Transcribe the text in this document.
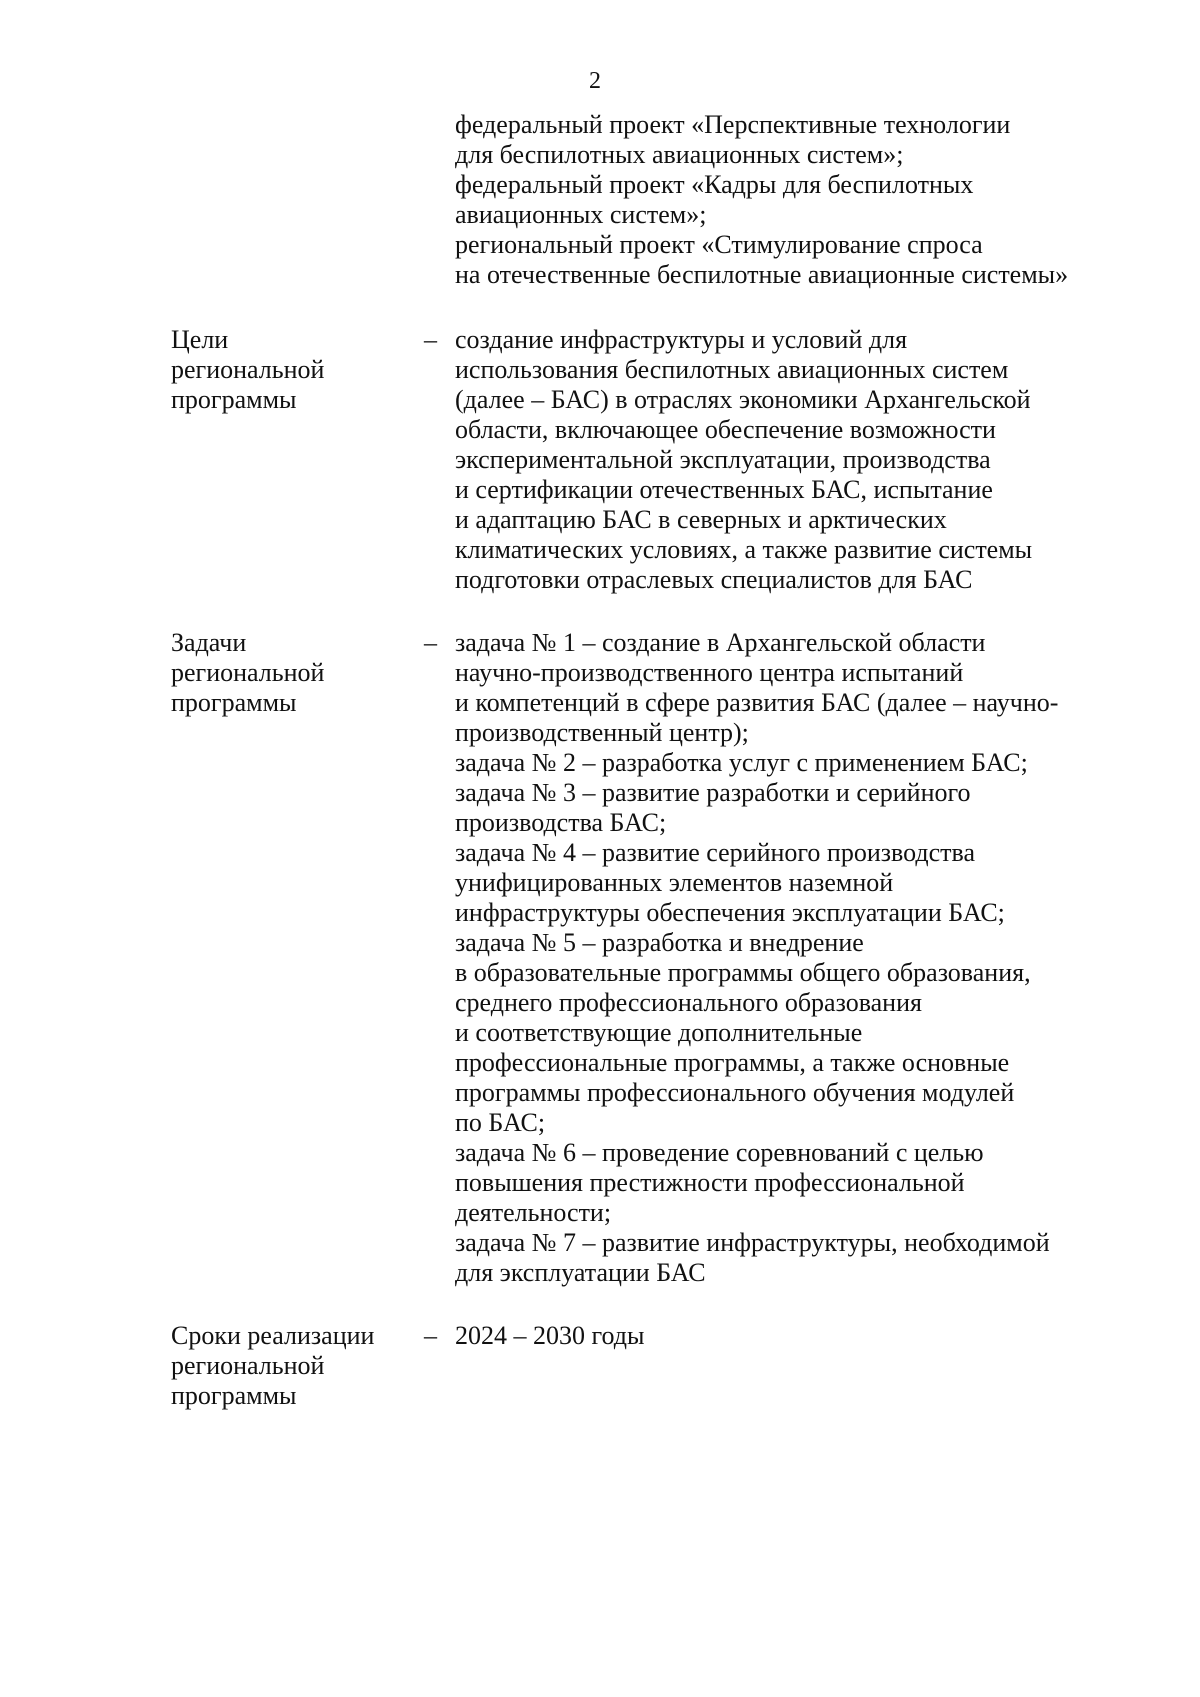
2
федеральный проект «Перспективные технологии
для беспилотных авиационных систем»;
федеральный проект «Кадры для беспилотных
авиационных систем»;
региональный проект «Стимулирование спроса
на отечественные беспилотные авиационные системы»
Цели
региональной
программы
– создание инфраструктуры и условий для
использования беспилотных авиационных систем
(далее – БАС) в отраслях экономики Архангельской
области, включающее обеспечение возможности
экспериментальной эксплуатации, производства
и сертификации отечественных БАС, испытание
и адаптацию БАС в северных и арктических
климатических условиях, а также развитие системы
подготовки отраслевых специалистов для БАС
Задачи
региональной
программы
– задача № 1 – создание в Архангельской области
научно-производственного центра испытаний
и компетенций в сфере развития БАС (далее – научно-
производственный центр);
задача № 2 – разработка услуг с применением БАС;
задача № 3 – развитие разработки и серийного
производства БАС;
задача № 4 – развитие серийного производства
унифицированных элементов наземной
инфраструктуры обеспечения эксплуатации БАС;
задача № 5 – разработка и внедрение
в образовательные программы общего образования,
среднего профессионального образования
и соответствующие дополнительные
профессиональные программы, а также основные
программы профессионального обучения модулей
по БАС;
задача № 6 – проведение соревнований с целью
повышения престижности профессиональной
деятельности;
задача № 7 – развитие инфраструктуры, необходимой
для эксплуатации БАС
Сроки реализации
региональной
программы
– 2024 – 2030 годы
